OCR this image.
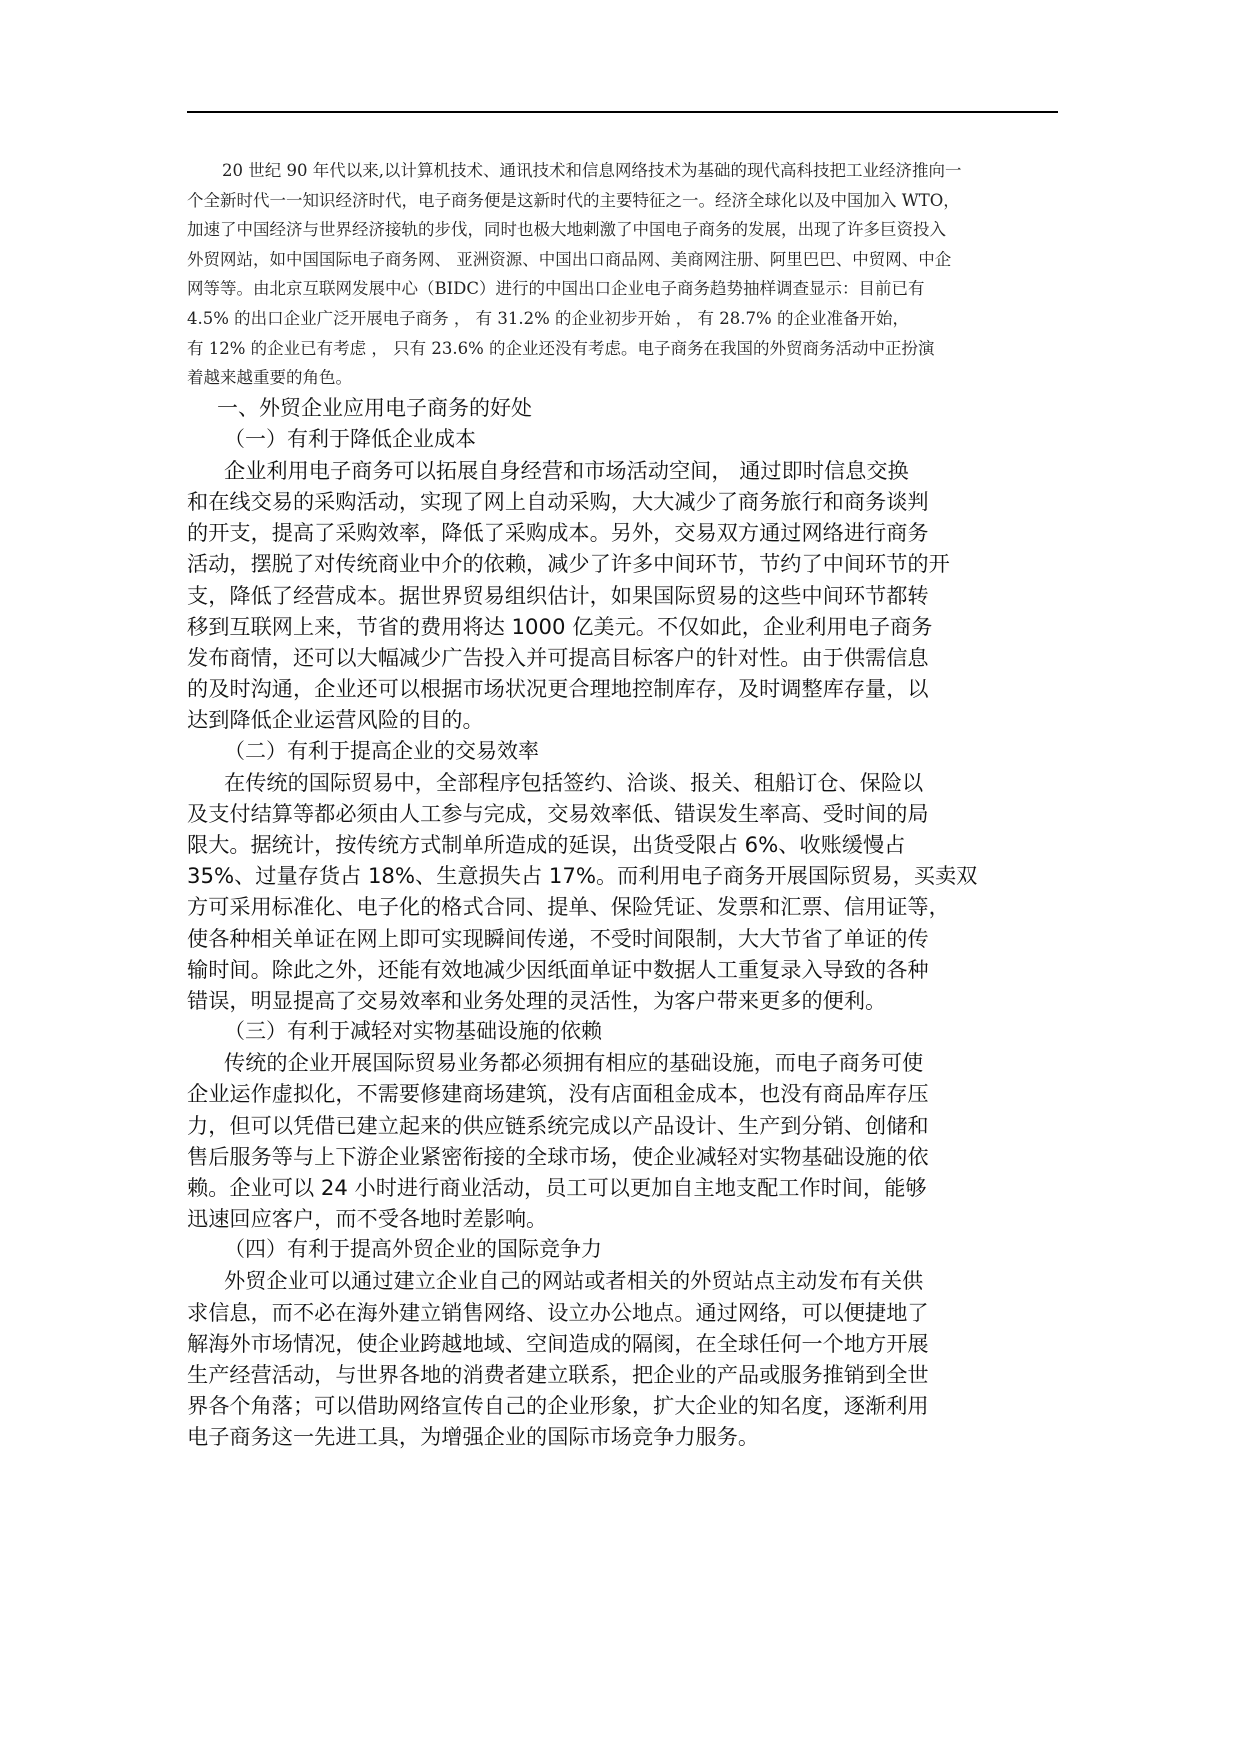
20 世纪 90 年代以来,以计算机技术、通讯技术和信息网络技术为基础的现代高科技把工业经济推向一

个全新时代一一知识经济时代，电子商务便是这新时代的主要特征之一。经济全球化以及中国加入 WTO，

加速了中国经济与世界经济接轨的步伐，同时也极大地刺激了中国电子商务的发展，出现了许多巨资投入

外贸网站，如中国国际电子商务网、 亚洲资源、中国出口商品网、美商网注册、阿里巴巴、中贸网、中企

网等等。由北京互联网发展中心（BIDC）进行的中国出口企业电子商务趋势抽样调查显示：目前已有

4.5% 的出口企业广泛开展电子商务 ， 有 31.2% 的企业初步开始 ， 有 28.7% 的企业准备开始，

有 12% 的企业已有考虑 ， 只有 23.6% 的企业还没有考虑。电子商务在我国的外贸商务活动中正扮演

着越来越重要的角色。

一、外贸企业应用电子商务的好处

（一）有利于降低企业成本

企业利用电子商务可以拓展自身经营和市场活动空间， 通过即时信息交换

和在线交易的采购活动，实现了网上自动采购，大大减少了商务旅行和商务谈判

的开支，提高了采购效率，降低了采购成本。另外，交易双方通过网络进行商务

活动，摆脱了对传统商业中介的依赖，减少了许多中间环节，节约了中间环节的开

支，降低了经营成本。据世界贸易组织估计，如果国际贸易的这些中间环节都转

移到互联网上来，节省的费用将达 1000 亿美元。不仅如此，企业利用电子商务

发布商情，还可以大幅减少广告投入并可提高目标客户的针对性。由于供需信息

的及时沟通，企业还可以根据市场状况更合理地控制库存，及时调整库存量，以

达到降低企业运营风险的目的。

（二）有利于提高企业的交易效率

在传统的国际贸易中，全部程序包括签约、洽谈、报关、租船订仓、保险以

及支付结算等都必须由人工参与完成，交易效率低、错误发生率高、受时间的局

限大。据统计，按传统方式制单所造成的延误，出货受限占 6%、收账缓慢占

35%、过量存货占 18%、生意损失占 17%。而利用电子商务开展国际贸易，买卖双

方可采用标准化、电子化的格式合同、提单、保险凭证、发票和汇票、信用证等，

使各种相关单证在网上即可实现瞬间传递，不受时间限制，大大节省了单证的传

输时间。除此之外，还能有效地减少因纸面单证中数据人工重复录入导致的各种

错误，明显提高了交易效率和业务处理的灵活性，为客户带来更多的便利。

（三）有利于减轻对实物基础设施的依赖

传统的企业开展国际贸易业务都必须拥有相应的基础设施，而电子商务可使

企业运作虚拟化，不需要修建商场建筑，没有店面租金成本，也没有商品库存压

力，但可以凭借已建立起来的供应链系统完成以产品设计、生产到分销、创储和

售后服务等与上下游企业紧密衔接的全球市场，使企业减轻对实物基础设施的依

赖。企业可以 24 小时进行商业活动，员工可以更加自主地支配工作时间，能够

迅速回应客户，而不受各地时差影响。

（四）有利于提高外贸企业的国际竞争力

外贸企业可以通过建立企业自己的网站或者相关的外贸站点主动发布有关供

求信息，而不必在海外建立销售网络、设立办公地点。通过网络，可以便捷地了

解海外市场情况，使企业跨越地域、空间造成的隔阂，在全球任何一个地方开展

生产经营活动，与世界各地的消费者建立联系，把企业的产品或服务推销到全世

界各个角落；可以借助网络宣传自己的企业形象，扩大企业的知名度，逐渐利用

电子商务这一先进工具，为增强企业的国际市场竞争力服务。
